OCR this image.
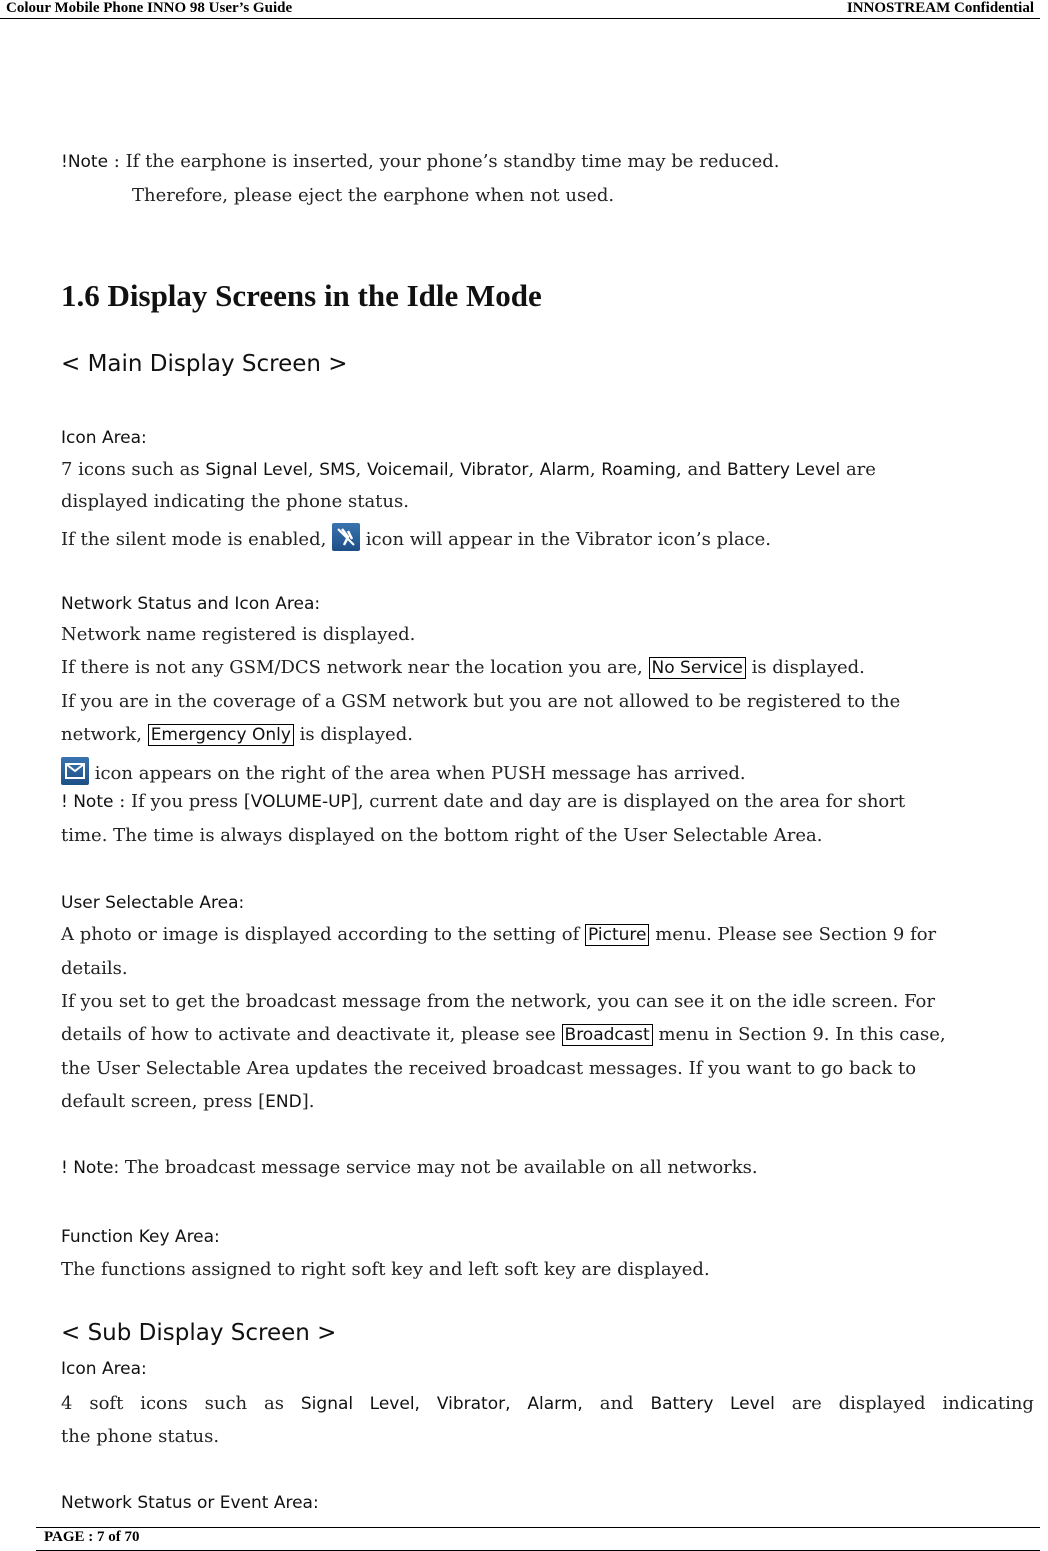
Colour Mobile Phone INNO 98 User’s Guide	INNOSTREAM Confidential
!Note : If the earphone is inserted, your phone’s standby time may be reduced.
Therefore, please eject the earphone when not used.
1.6 Display Screens in the Idle Mode
< Main Display Screen >
Icon Area:
7 icons such as Signal Level, SMS, Voicemail, Vibrator, Alarm, Roaming, and Battery Level are
displayed indicating the phone status.
If the silent mode is enabled,
icon will appear in the Vibrator icon’s place.
Network Status and Icon Area:
Network name registered is displayed.
If there is not any GSM/DCS network near the location you are, No Service is displayed.
If you are in the coverage of a GSM network but you are not allowed to be registered to the
network, Emergency Only is displayed.
icon appears on the right of the area when PUSH message has arrived.
! Note : If you press [VOLUME-UP], current date and day are is displayed on the area for short
time. The time is always displayed on the bottom right of the User Selectable Area.
User Selectable Area:
A photo or image is displayed according to the setting of Picture menu. Please see Section 9 for
details.
If you set to get the broadcast message from the network, you can see it on the idle screen. For
details of how to activate and deactivate it, please see Broadcast menu in Section 9. In this case,
the User Selectable Area updates the received broadcast messages. If you want to go back to
default screen, press [END].
! Note: The broadcast message service may not be available on all networks.
Function Key Area:
The functions assigned to right soft key and left soft key are displayed.
< Sub Display Screen >
Icon Area:
4 soft icons such as Signal Level, Vibrator, Alarm, and Battery Level are displayed indicating
the phone status.
Network Status or Event Area:
PAGE : 7 of 70
